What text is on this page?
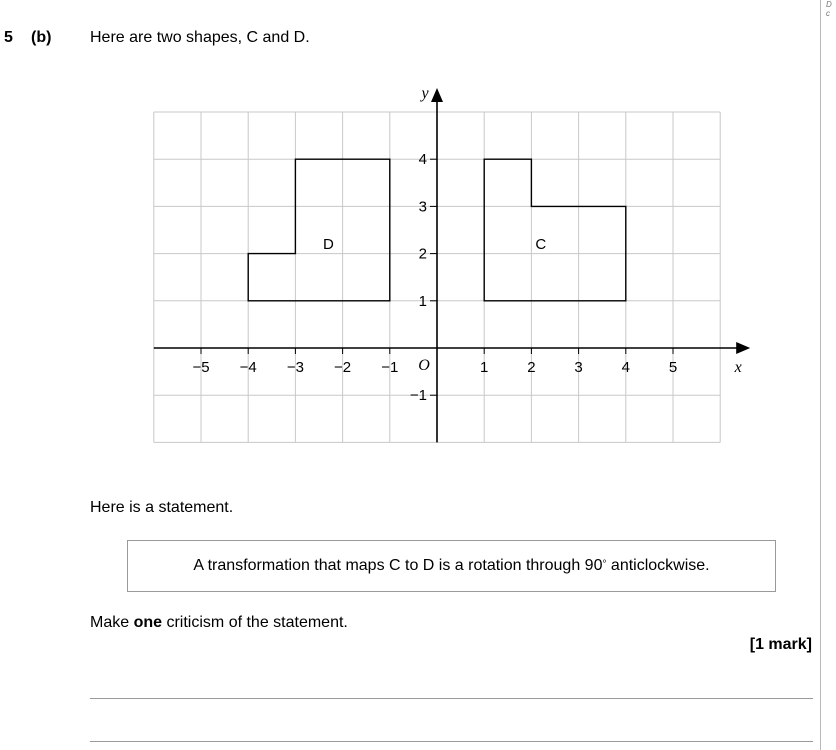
5 (b) Here are two shapes, C and D.
D
c
D	C
−5 −4 −3 −2 −1	1	2	3	4	5
4
3
2
1
−1
x
y
O
Here is a statement.
A transformation that maps C to D is a rotation through 90° anticlockwise.
Make one criticism of the statement.
[1 mark]
